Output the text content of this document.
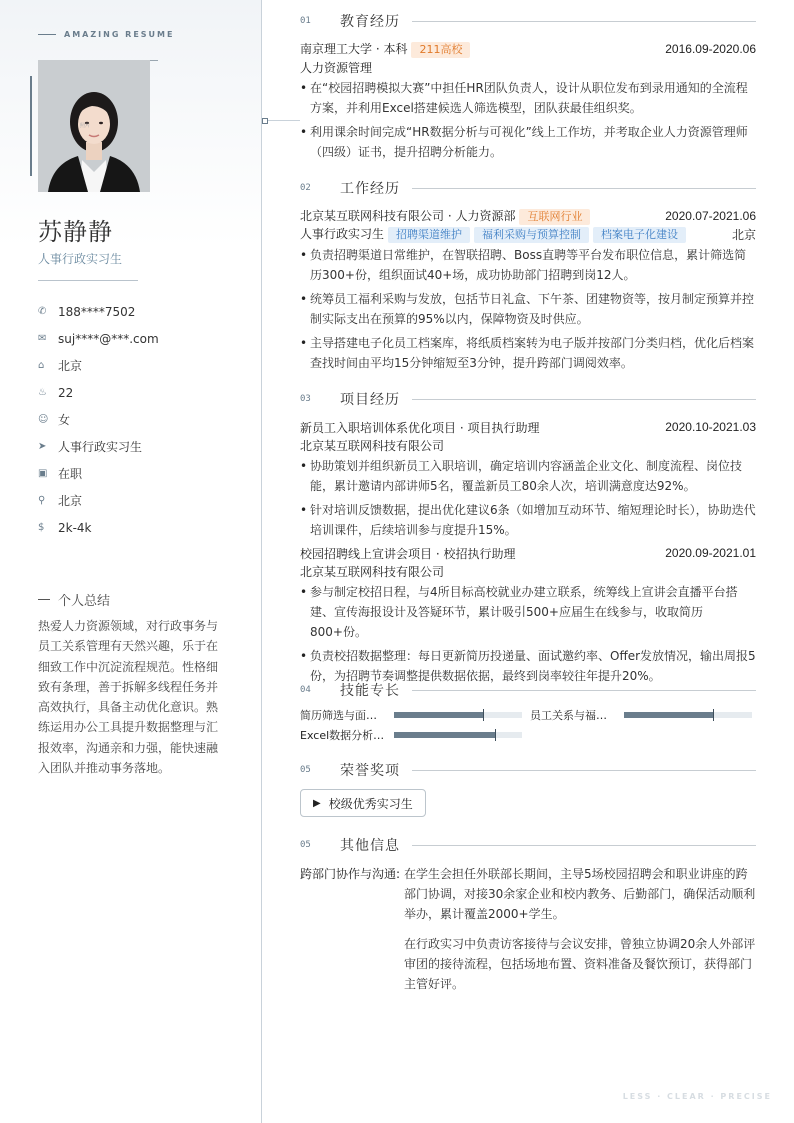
AMAZING RESUME
照片
苏静静
人事行政实习生
✆ 188****7502
✉ suj****@***.com
⌂	北京
♨ 22
☺ 女
➤ 人事行政实习生
▣ 在职
⚲	北京
$	2k-4k
个人总结

热爱人力资源领域，对行政事务与员工关系管理有天然兴趣，乐于在细致工作中沉淀流程规范。性格细致有条理，善于拆解多线程任务并高效执行，具备主动优化意识。熟练运用办公工具提升数据整理与汇报效率，沟通亲和力强，能快速融入团队并推动事务落地。

01	教育经历
南京理工大学 · 本科 211高校	2016.09-2020.06
人力资源管理
• 在“校园招聘模拟大赛”中担任HR团队负责人，设计从职位发布到录用通知的全流程方案，并利用Excel搭建候选人筛选模型，团队获最佳组织奖。
• 利用课余时间完成“HR数据分析与可视化”线上工作坊，并考取企业人力资源管理师（四级）证书，提升招聘分析能力。
02	工作经历
北京某互联网科技有限公司 · 人力资源部 互联网行业	2020.07-2021.06
人事行政实习生 招聘渠道维护 福利采购与预算控制 档案电子化建设	北京
• 负责招聘渠道日常维护，在智联招聘、Boss直聘等平台发布职位信息，累计筛选简历300+份，组织面试40+场，成功协助部门招聘到岗12人。
• 统筹员工福利采购与发放，包括节日礼盒、下午茶、团建物资等，按月制定预算并控制实际支出在预算的95%以内，保障物资及时供应。
• 主导搭建电子化员工档案库，将纸质档案转为电子版并按部门分类归档，优化后档案查找时间由平均15分钟缩短至3分钟，提升跨部门调阅效率。
03	项目经历
新员工入职培训体系优化项目 · 项目执行助理	2020.10-2021.03
北京某互联网科技有限公司
• 协助策划并组织新员工入职培训，确定培训内容涵盖企业文化、制度流程、岗位技能，累计邀请内部讲师5名，覆盖新员工80余人次，培训满意度达92%。
• 针对培训反馈数据，提出优化建议6条（如增加互动环节、缩短理论时长），协助迭代培训课件，后续培训参与度提升15%。
校园招聘线上宣讲会项目 · 校招执行助理	2020.09-2021.01
北京某互联网科技有限公司
• 参与制定校招日程，与4所目标高校就业办建立联系，统筹线上宣讲会直播平台搭建、宣传海报设计及答疑环节，累计吸引500+应届生在线参与，收取简历800+份。
• 负责校招数据整理：每日更新简历投递量、面试邀约率、Offer发放情况，输出周报5份，为招聘节奏调整提供数据依据，最终到岗率较往年提升20%。
04	技能专长
简历筛选与面…	员工关系与福…
Excel数据分析…
05	荣誉奖项
▶ 校级优秀实习生
05	其他信息
跨部门协作与沟通: 在学生会担任外联部长期间，主导5场校园招聘会和职业讲座的跨部门协调，对接30余家企业和校内教务、后勤部门，确保活动顺利举办，累计覆盖2000+学生。

在行政实习中负责访客接待与会议安排，曾独立协调20余人外部评审团的接待流程，包括场地布置、资料准备及餐饮预订，获得部门主管好评。

LESS · CLEAR · PRECISE
